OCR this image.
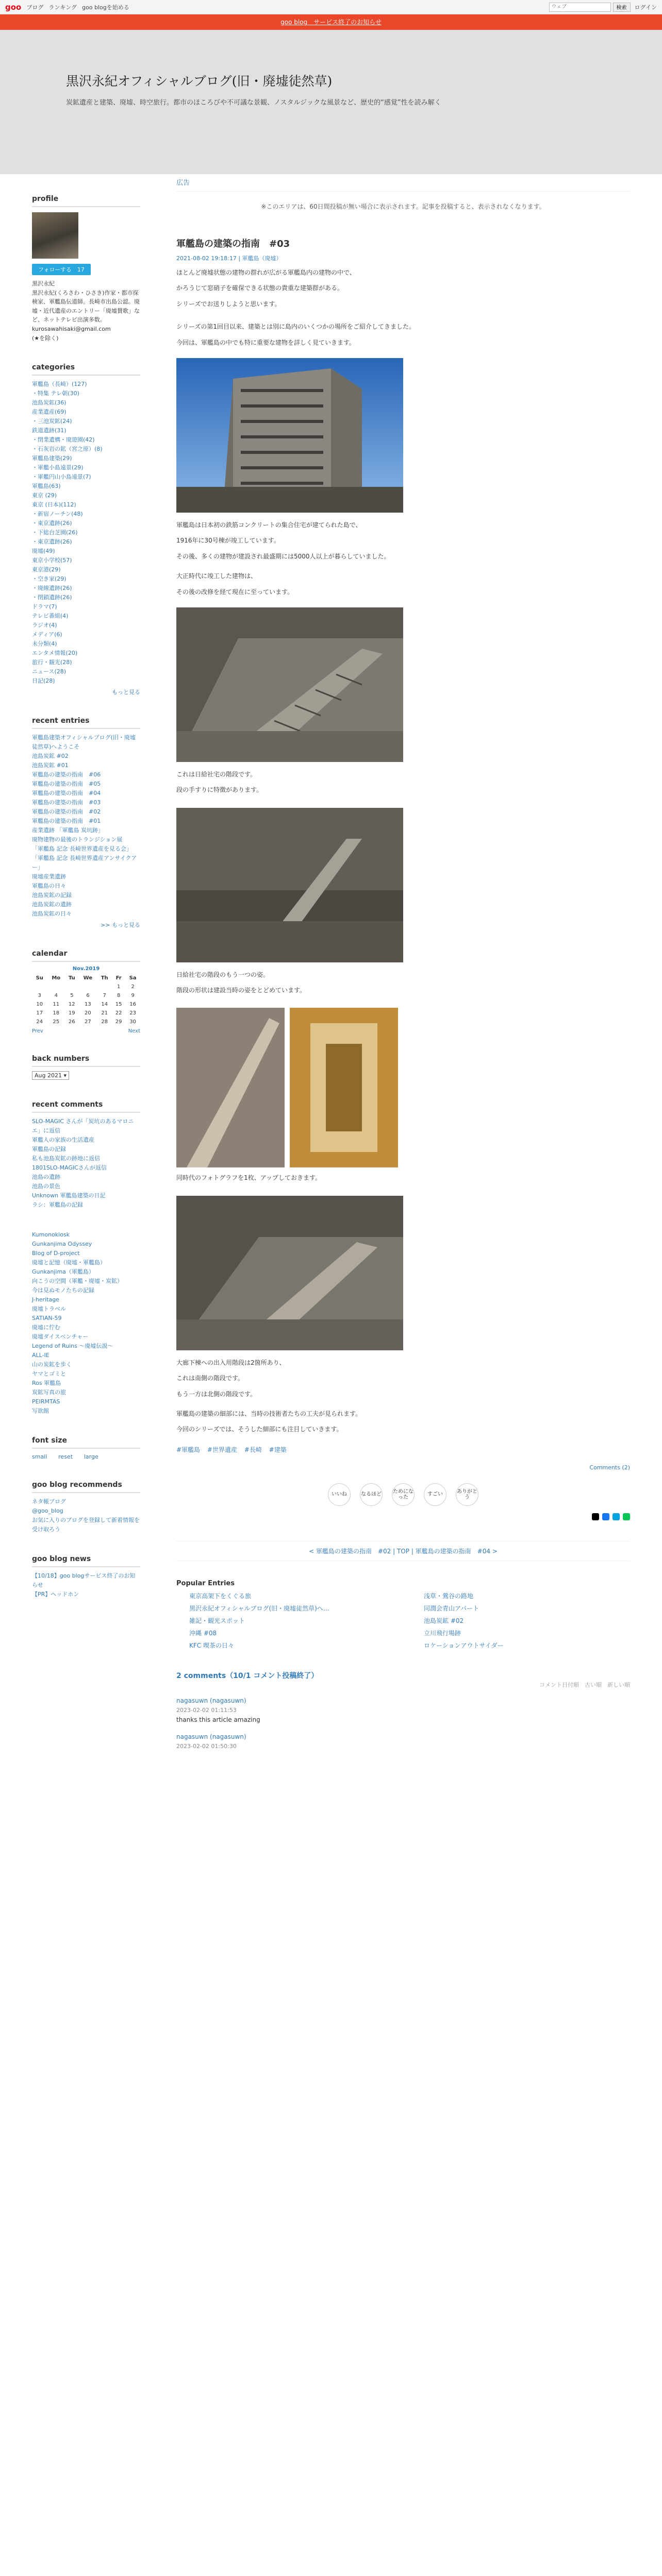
goo ブログ ランキング goo blogを始める
ウェブ	検索	ログイン
goo blog　サービス終了のお知らせ
黒沢永紀オフィシャルブログ(旧・廃墟徒然草)

炭鉱遺産と建築、廃墟、時空旅行。都市のほころびや不可議な景観、ノスタルジックな風景など、歴史的“感覚”性を読み解く

profile
フォローする　17
黒沢永紀
黒沢永紀(くろさわ・ひさき)作家・都市探検家、軍艦島伝道師。長崎市出島公認。廃墟・近代遺産のエントリー「廃墟賛歌」など、ネットテレビ出演多数。
kurosawahisaki@gmail.com
(★を除く)
categories
軍艦島（長崎）(127)
・特集 テレ朝(30)
池島炭鉱(36)
産業遺産(69)
・三池炭鉱(24)
鉄道遺跡(31)
・閉業遺構・廃遊園(42)
・石灰岩の鉱（宮之原）(8)
軍艦島建築(29)
・軍艦小島遠景(29)
・軍艦円山小島遠景(7)
軍艦島(63)
東京 (29)
東京 (日本)(112)
・新宿ノーチン(48)
・東京遺跡(26)
・下総台芝園(26)
・東京遺跡(26)
廃墟(49)
東京小学校(57)
東京港(29)
・空き家(29)
・廃線遺跡(26)
・閉鎖遺跡(26)
ドラマ(7)
テレビ番組(4)
ラジオ(4)
メディア(6)
未分類(4)
エンタメ情報(20)
旅行・観光(28)
ニュース(28)
日記(28)
もっと見る
recent entries
軍艦島建築オフィシャルブログ(旧・廃墟徒然草)へようこそ
池島炭鉱 #02
池島炭鉱 #01
軍艦島の建築の指南　#06
軍艦島の建築の指南　#05
軍艦島の建築の指南　#04
軍艦島の建築の指南　#03
軍艦島の建築の指南　#02
軍艦島の建築の指南　#01
産業遺跡 「軍艦島 炭坑跡」
廃物建物の最後のトランジション展
「軍艦島 記念 長崎世界遺産を見る会」
「軍艦島 記念 長崎世界遺産アンサイクアー」
廃墟産業遺跡
軍艦島の日々
池島炭鉱の記録
池島炭鉱の遺跡
池島炭鉱の日々
>> もっと見る
calendar
Nov.2019
Su	Mo	Tu	We	Th	Fr	Sa
					1	2
3	4	5	6	7	8	9
10	11	12	13	14	15	16
17	18	19	20	21	22	23
24	25	26	27	28	29	30
Prev	Next
back numbers
Aug 2021 ▾
recent comments
SLO-MAGIC さんが「炭坑のあるマロニエ」に返信
軍艦人の家族の生活遺産
軍艦島の記録
私も池島炭鉱の跡地に返信
1801SLO-MAGICさんが返信
池島の遺跡
池島の景色
Unknown 軍艦島建築の日記
ラシ：軍艦島の記録
Kumonokiosk
Gunkanjima Odyssey
Blog of D-project
廃墟と記憶（廃墟・軍艦島）
Gunkanjima（軍艦島）
向こうの空間（軍艦・廃墟・炭鉱）
今は見ぬモノたちの記録
J-heritage
廃墟トラベル
SATIAN-59
廃墟に佇む
廃墟ダイスベンチャー
Legend of Ruins ～廃墟伝説～
ALL-IE
山の炭鉱を歩く
ヤマとゴミと
Ros 軍艦島
炭鉱写真の旅
PEIRMTAS
写欲館
font size
small reset large
goo blog recommends
ネタ帳ブログ
@goo_blog
お気に入りのブログを登録して新着情報を受け取ろう
goo blog news
【10/18】goo blogサービス終了のお知らせ
【PR】ヘッドホン
広告
※このエリアは、60日間投稿が無い場合に表示されます。記事を投稿すると、表示されなくなります。
軍艦島の建築の指南　#03
2021-08-02 19:18:17 | 軍艦島（廃墟）

ほとんど廃墟状態の建物の群れが広がる軍艦島内の建物の中で、

かろうじて窓硝子を確保できる状態の貴重な建築群がある。

シリーズでお送りしようと思います。

シリーズの第1回目以来、建築とは別に島内のいくつかの場所をご紹介してきました。

今回は、軍艦島の中でも特に重要な建物を詳しく見ていきます。

軍艦島は日本初の鉄筋コンクリートの集合住宅が建てられた島で、

1916年に30号棟が竣工しています。

その後、多くの建物が建設され最盛期には5000人以上が暮らしていました。

大正時代に竣工した建物は、

その後の改修を経て現在に至っています。

これは日給社宅の階段です。

段の手すりに特徴があります。

日給社宅の階段のもう一つの姿。

階段の形状は建設当時の姿をとどめています。

同時代のフォトグラフを1枚、アップしておきます。

大廊下棟への出入用階段は2箇所あり、

これは南側の階段です。

もう一方は北側の階段です。

軍艦島の建築の細部には、当時の技術者たちの工夫が見られます。

今回のシリーズでは、そうした細部にも注目していきます。

#軍艦島 #世界遺産 #長崎 #建築
Comments (2)
いいね	なるほど ためになった	すごい	ありがとう
< 軍艦島の建築の指南　#02 | TOP | 軍艦島の建築の指南　#04 >
Popular Entries
東京高架下をくぐる旅	浅草・鶯谷の路地
黒沢永紀オフィシャルブログ(旧・廃墟徒然草)へ…	同潤会青山アパート
雑記・観光スポット	池島炭鉱 #02
沖縄 #08	立川飛行場跡
KFC 喫茶の日々	ロケーションアウトサイダー
2 comments（10/1 コメント投稿終了）
コメント日付順　古い順　新しい順
nagasuwn (nagasuwn)
2023-02-02 01:11:53
thanks this article amazing
nagasuwn (nagasuwn)
2023-02-02 01:50:30
